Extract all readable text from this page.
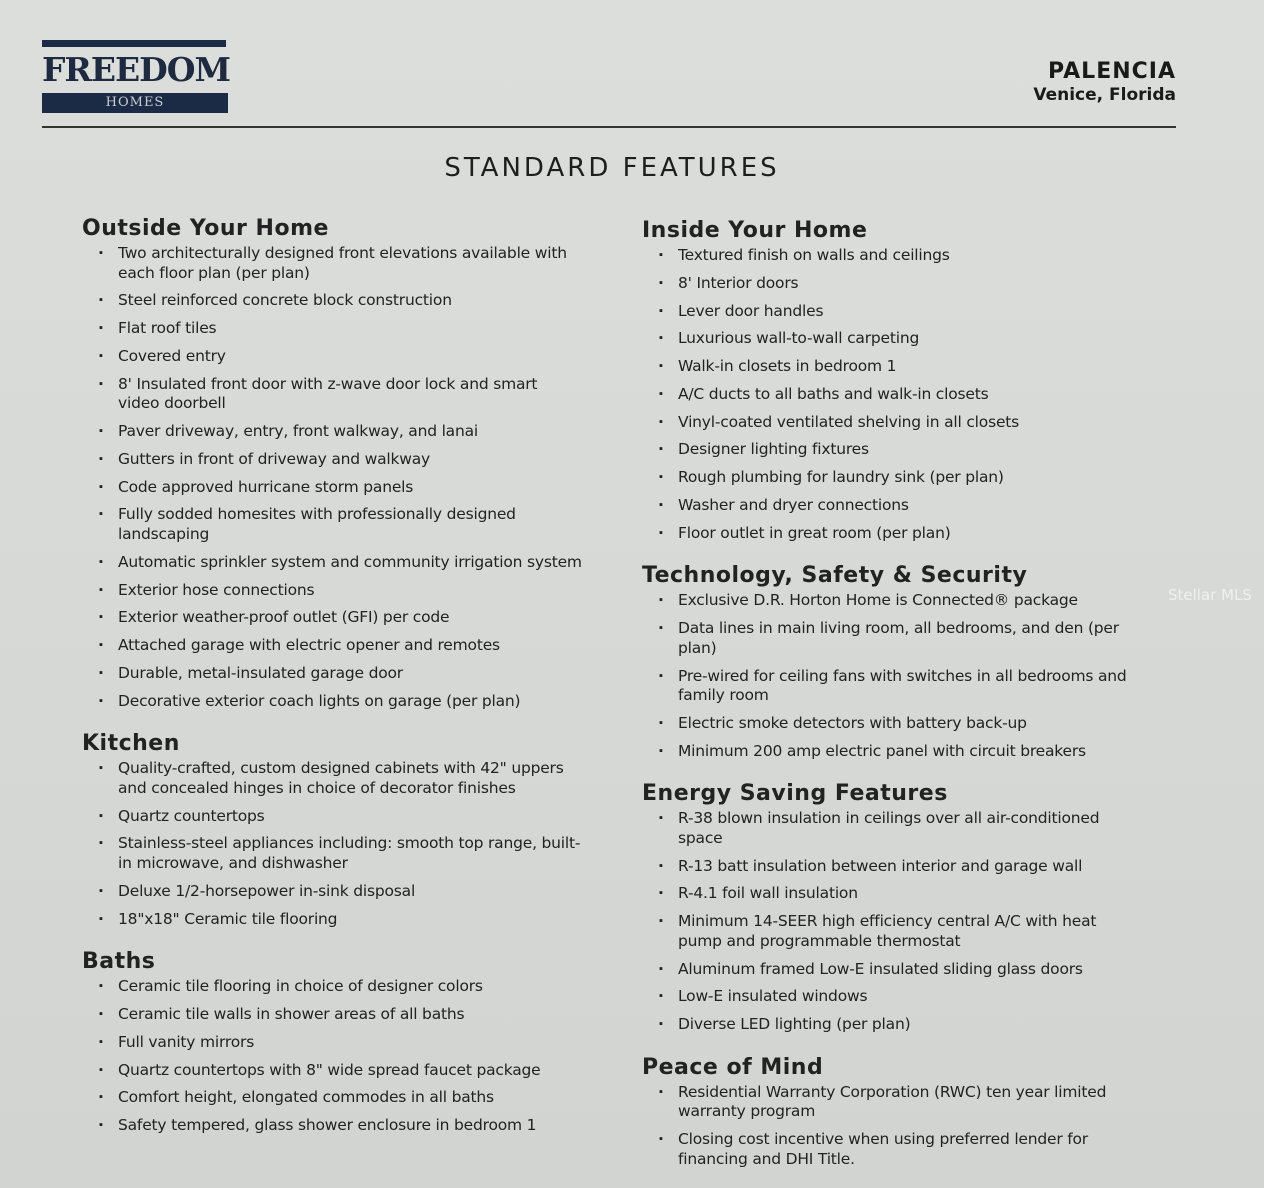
FREEDOM
HOMES
PALENCIA
Venice, Florida
STANDARD FEATURES
Outside Your Home
· Two architecturally designed front elevations available with each floor plan (per plan)
· Steel reinforced concrete block construction
· Flat roof tiles
· Covered entry
· 8' Insulated front door with z-wave door lock and smart video doorbell
· Paver driveway, entry, front walkway, and lanai
· Gutters in front of driveway and walkway
· Code approved hurricane storm panels
· Fully sodded homesites with professionally designed landscaping
· Automatic sprinkler system and community irrigation system
· Exterior hose connections
· Exterior weather-proof outlet (GFI) per code
· Attached garage with electric opener and remotes
· Durable, metal-insulated garage door
· Decorative exterior coach lights on garage (per plan)
Kitchen
· Quality-crafted, custom designed cabinets with 42" uppers and concealed hinges in choice of decorator finishes
· Quartz countertops
· Stainless-steel appliances including: smooth top range, built-in microwave, and dishwasher
· Deluxe 1/2-horsepower in-sink disposal
· 18"x18" Ceramic tile flooring
Baths
· Ceramic tile flooring in choice of designer colors
· Ceramic tile walls in shower areas of all baths
· Full vanity mirrors
· Quartz countertops with 8" wide spread faucet package
· Comfort height, elongated commodes in all baths
· Safety tempered, glass shower enclosure in bedroom 1
Inside Your Home
· Textured finish on walls and ceilings
· 8' Interior doors
· Lever door handles
· Luxurious wall-to-wall carpeting
· Walk-in closets in bedroom 1
· A/C ducts to all baths and walk-in closets
· Vinyl-coated ventilated shelving in all closets
· Designer lighting fixtures
· Rough plumbing for laundry sink (per plan)
· Washer and dryer connections
· Floor outlet in great room (per plan)
Technology, Safety & Security
· Exclusive D.R. Horton Home is Connected® package
· Data lines in main living room, all bedrooms, and den (per plan)
· Pre-wired for ceiling fans with switches in all bedrooms and family room
· Electric smoke detectors with battery back-up
· Minimum 200 amp electric panel with circuit breakers
Energy Saving Features
· R-38 blown insulation in ceilings over all air-conditioned space
· R-13 batt insulation between interior and garage wall
· R-4.1 foil wall insulation
· Minimum 14-SEER high efficiency central A/C with heat pump and programmable thermostat
· Aluminum framed Low-E insulated sliding glass doors
· Low-E insulated windows
· Diverse LED lighting (per plan)
Peace of Mind
· Residential Warranty Corporation (RWC) ten year limited warranty program
· Closing cost incentive when using preferred lender for financing and DHI Title.
Stellar MLS
